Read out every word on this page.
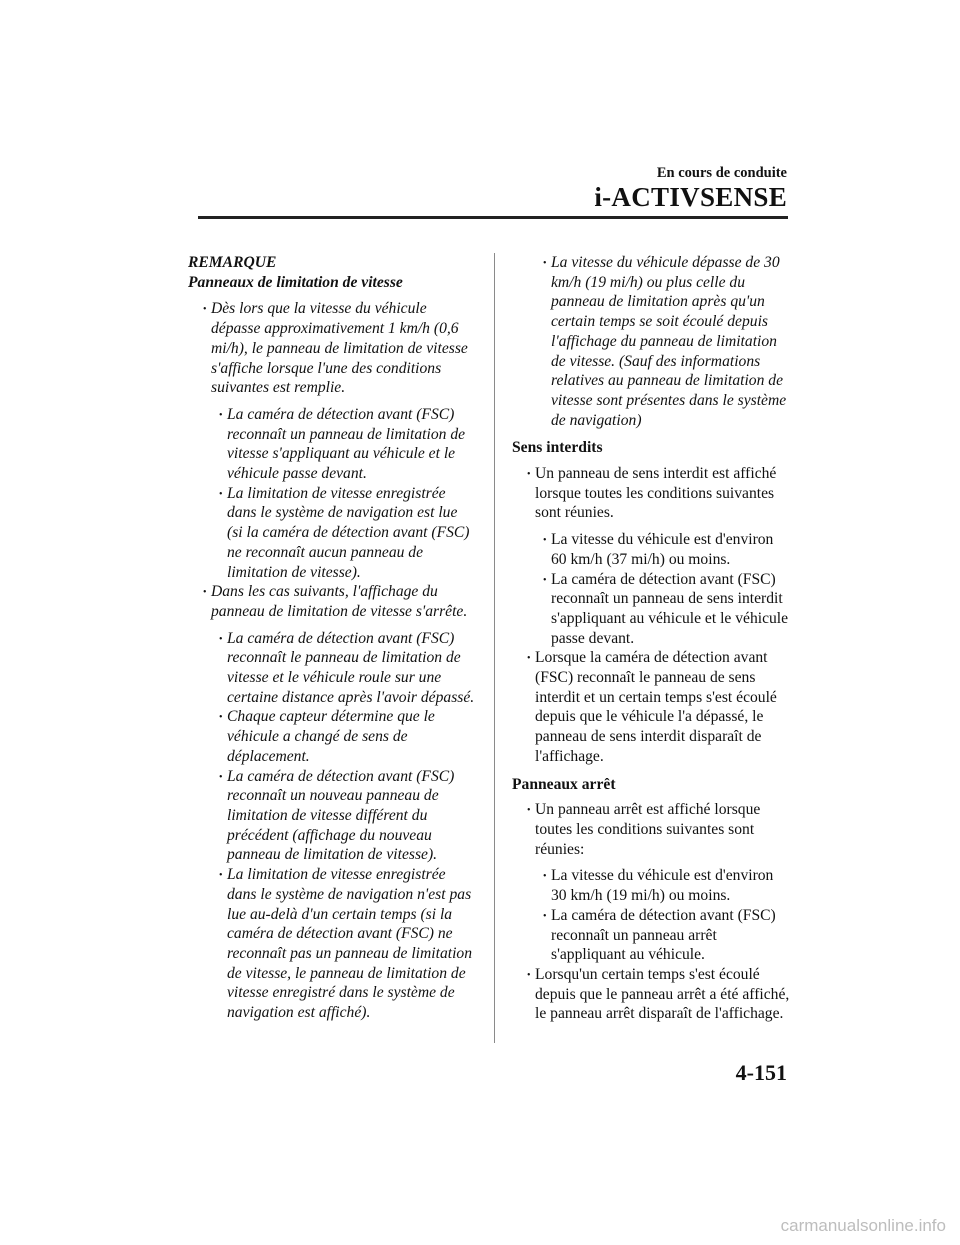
En cours de conduite
i-ACTIVSENSE
REMARQUE
Panneaux de limitation de vitesse

• Dès lors que la vitesse du véhicule dépasse approximativement 1 km/h (0,6 mi/h), le panneau de limitation de vitesse s'affiche lorsque l'une des conditions suivantes est remplie.

• La caméra de détection avant (FSC) reconnaît un panneau de limitation de vitesse s'appliquant au véhicule et le véhicule passe devant.

• La limitation de vitesse enregistrée dans le système de navigation est lue (si la caméra de détection avant (FSC) ne reconnaît aucun panneau de limitation de vitesse).

• Dans les cas suivants, l'affichage du panneau de limitation de vitesse s'arrête.

• La caméra de détection avant (FSC) reconnaît le panneau de limitation de vitesse et le véhicule roule sur une certaine distance après l'avoir dépassé.

• Chaque capteur détermine que le véhicule a changé de sens de déplacement.

• La caméra de détection avant (FSC) reconnaît un nouveau panneau de limitation de vitesse différent du précédent (affichage du nouveau panneau de limitation de vitesse).

• La limitation de vitesse enregistrée dans le système de navigation n'est pas lue au-delà d'un certain temps (si la caméra de détection avant (FSC) ne reconnaît pas un panneau de limitation de vitesse, le panneau de limitation de vitesse enregistré dans le système de navigation est affiché).

• La vitesse du véhicule dépasse de 30 km/h (19 mi/h) ou plus celle du panneau de limitation après qu'un certain temps se soit écoulé depuis l'affichage du panneau de limitation de vitesse. (Sauf des informations relatives au panneau de limitation de vitesse sont présentes dans le système de navigation)

Sens interdits

• Un panneau de sens interdit est affiché lorsque toutes les conditions suivantes sont réunies.

• La vitesse du véhicule est d'environ 60 km/h (37 mi/h) ou moins.

• La caméra de détection avant (FSC) reconnaît un panneau de sens interdit s'appliquant au véhicule et le véhicule passe devant.

• Lorsque la caméra de détection avant (FSC) reconnaît le panneau de sens interdit et un certain temps s'est écoulé depuis que le véhicule l'a dépassé, le panneau de sens interdit disparaît de l'affichage.

Panneaux arrêt

• Un panneau arrêt est affiché lorsque toutes les conditions suivantes sont réunies:

• La vitesse du véhicule est d'environ 30 km/h (19 mi/h) ou moins.

• La caméra de détection avant (FSC) reconnaît un panneau arrêt s'appliquant au véhicule.

• Lorsqu'un certain temps s'est écoulé depuis que le panneau arrêt a été affiché, le panneau arrêt disparaît de l'affichage.

4-151
carmanualsonline.info
